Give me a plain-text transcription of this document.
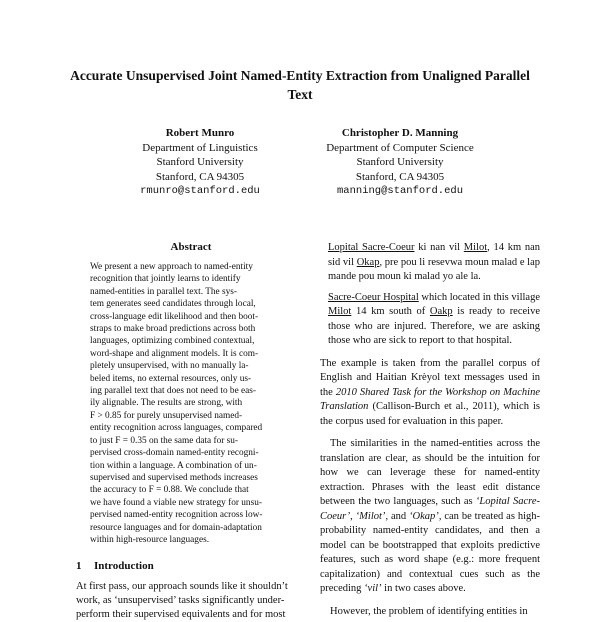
Accurate Unsupervised Joint Named-Entity Extraction from Unaligned Parallel Text
Robert Munro
Department of Linguistics
Stanford University
Stanford, CA 94305
rmunro@stanford.edu
Christopher D. Manning
Department of Computer Science
Stanford University
Stanford, CA 94305
manning@stanford.edu
Abstract
We present a new approach to named-entity
recognition that jointly learns to identify
named-entities in parallel text. The sys-
tem generates seed candidates through local,
cross-language edit likelihood and then boot-
straps to make broad predictions across both
languages, optimizing combined contextual,
word-shape and alignment models. It is com-
pletely unsupervised, with no manually la-
beled items, no external resources, only us-
ing parallel text that does not need to be eas-
ily alignable. The results are strong, with
F > 0.85 for purely unsupervised named-
entity recognition across languages, compared
to just F = 0.35 on the same data for su-
pervised cross-domain named-entity recogni-
tion within a language. A combination of un-
supervised and supervised methods increases
the accuracy to F = 0.88. We conclude that
we have found a viable new strategy for unsu-
pervised named-entity recognition across low-
resource languages and for domain-adaptation
within high-resource languages.
1 Introduction
At first pass, our approach sounds like it shouldn’t
work, as ‘unsupervised’ tasks significantly under-
perform their supervised equivalents and for most
Lopital Sacre-Coeur ki nan vil Milot, 14 km nan sid vil Okap, pre pou li resevwa moun malad e lap mande pou moun ki malad yo ale la.
Sacre-Coeur Hospital which located in this village Milot 14 km south of Oakp is ready to receive those who are injured. Therefore, we are asking those who are sick to report to that hospital.
The example is taken from the parallel corpus of English and Haitian Krèyol text messages used in the 2010 Shared Task for the Workshop on Machine Translation (Callison-Burch et al., 2011), which is the corpus used for evaluation in this paper.
The similarities in the named-entities across the translation are clear, as should be the intuition for how we can leverage these for named-entity extraction. Phrases with the least edit distance between the two languages, such as ‘Lopital Sacre-Coeur’, ‘Milot’, and ‘Okap’, can be treated as high-probability named-entity candidates, and then a model can be bootstrapped that exploits predictive features, such as word shape (e.g.: more frequent capitalization) and contextual cues such as the preceding ‘vil’ in two cases above.
However, the problem of identifying entities in
